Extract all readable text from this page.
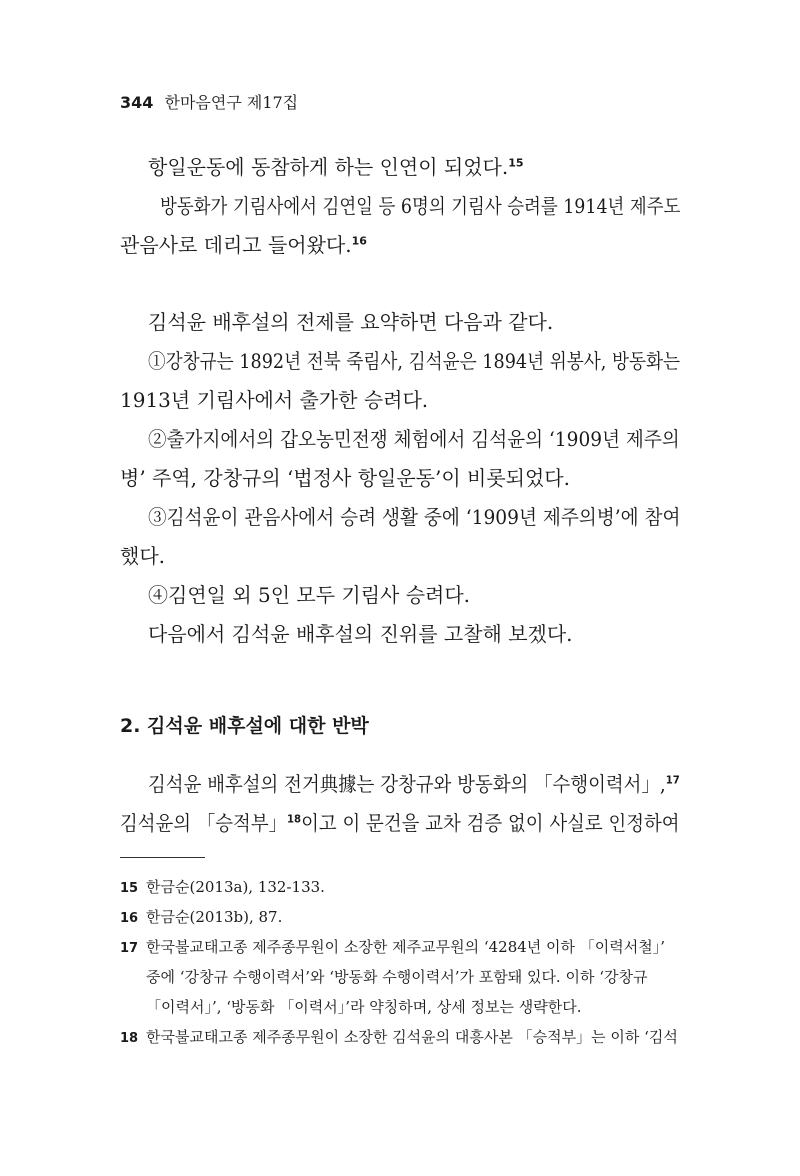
344 한마음연구 제17집
항일운동에 동참하게 하는 인연이 되었다.$^{15}$
방동화가 기림사에서 김연일 등 6명의 기림사 승려를 1914년 제주도
관음사로 데리고 들어왔다.$^{16}$
김석윤 배후설의 전제를 요약하면 다음과 같다.
①강창규는 1892년 전북 죽림사, 김석윤은 1894년 위봉사, 방동화는
1913년 기림사에서 출가한 승려다.
②출가지에서의 갑오농민전쟁 체험에서 김석윤의 ‘1909년 제주의
병’ 주역, 강창규의 ‘법정사 항일운동’이 비롯되었다.
③김석윤이 관음사에서 승려 생활 중에 ‘1909년 제주의병’에 참여
했다.
④김연일 외 5인 모두 기림사 승려다.
다음에서 김석윤 배후설의 진위를 고찰해 보겠다.
2. 김석윤 배후설에 대한 반박
김석윤 배후설의 전거典據는 강창규와 방동화의 「수행이력서」,$^{17}$
김석윤의 「승적부」$^{18}$이고 이 문건을 교차 검증 없이 사실로 인정하여
15 한금순(2013a), 132-133.
16 한금순(2013b), 87.
17 한국불교태고종 제주종무원이 소장한 제주교무원의 ‘4284년 이하 「이력서철」’
중에 ‘강창규 수행이력서’와 ‘방동화 수행이력서’가 포함돼 있다. 이하 ‘강창규
「이력서」’, ‘방동화 「이력서」’라 약칭하며, 상세 정보는 생략한다.
18 한국불교태고종 제주종무원이 소장한 김석윤의 대흥사본 「승적부」는 이하 ‘김석
